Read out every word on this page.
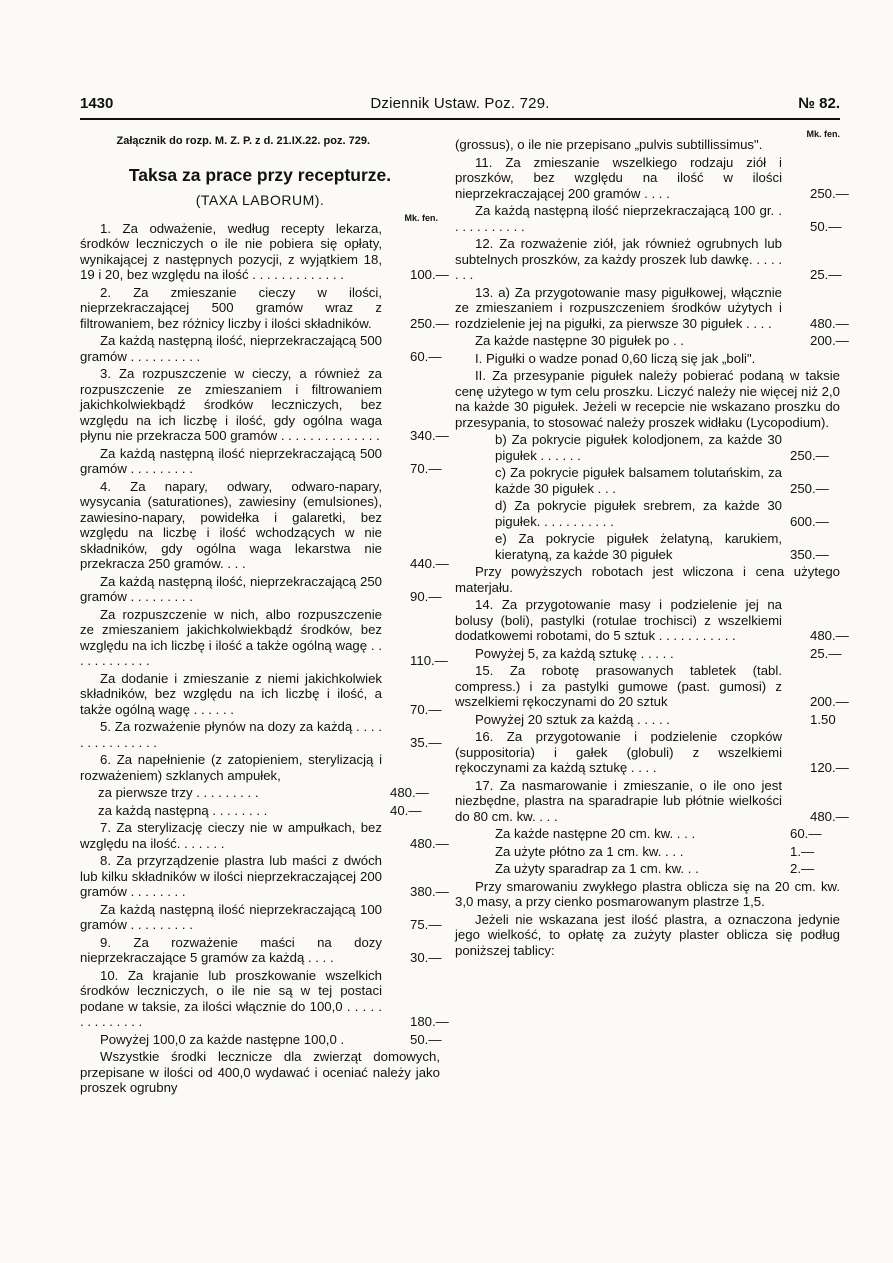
1430	Dziennik Ustaw. Poz. 729.	№ 82.
Załącznik do rozp. M. Z. P. z d. 21.IX.22. poz. 729.
Taksa za prace przy recepturze.
(TAXA LABORUM).
Mk. fen.
1. Za odważenie, według recepty lekarza, środków leczniczych o ile nie pobiera się opłaty, wynikającej z następnych pozycji, z wyjątkiem 18, 19 i 20, bez względu na ilość . . . . . . . . . . . . .	100.—
2. Za zmieszanie cieczy w ilości, nieprzekraczającej 500 gramów wraz z filtrowaniem, bez różnicy liczby i ilości składników.	250.—
Za każdą następną ilość, nieprzekraczającą 500 gramów . . . . . . . . . .	60.—
3. Za rozpuszczenie w cieczy, a również za rozpuszczenie ze zmieszaniem i filtrowaniem jakichkolwiekbądź środków leczniczych, bez względu na ich liczbę i ilość, gdy ogólna waga płynu nie przekracza 500 gramów . . . . . . . . . . . . . .	340.—
Za każdą następną ilość nieprzekraczającą 500 gramów . . . . . . . . .	70.—
4. Za napary, odwary, odwaro-napary, wysycania (saturationes), zawiesiny (emulsiones), zawiesino-napary, powidełka i galaretki, bez względu na liczbę i ilość wchodzących w nie składników, gdy ogólna waga lekarstwa nie przekracza 250 gramów. . . .	440.—
Za każdą następną ilość, nieprzekraczającą 250 gramów . . . . . . . . .	90.—
Za rozpuszczenie w nich, albo rozpuszczenie ze zmieszaniem jakichkolwiekbądź środków, bez względu na ich liczbę i ilość a także ogólną wagę . . . . . . . . . . . .	110.—
Za dodanie i zmieszanie z niemi jakichkolwiek składników, bez względu na ich liczbę i ilość, a także ogólną wagę . . . . . .	70.—
5. Za rozważenie płynów na dozy za każdą . . . . . . . . . . . . . . .	35.—
6. Za napełnienie (z zatopieniem, sterylizacją i rozważeniem) szklanych ampułek,
za pierwsze trzy . . . . . . . . .	480.—
za każdą następną . . . . . . . .	40.—
7. Za sterylizację cieczy nie w ampułkach, bez względu na ilość. . . . . . .	480.—
8. Za przyrządzenie plastra lub maści z dwóch lub kilku składników w ilości nieprzekraczającej 200 gramów . . . . . . . .	380.—
Za każdą następną ilość nieprzekraczającą 100 gramów . . . . . . . . .	75.—
9. Za rozważenie maści na dozy nieprzekraczające 5 gramów za każdą . . . .	30.—
10. Za krajanie lub proszkowanie wszelkich środków leczniczych, o ile nie są w tej postaci podane w taksie, za ilości włącznie do 100,0 . . . . . . . . . . . . . .	180.—
Powyżej 100,0 za każde następne 100,0 .	50.—
Wszystkie środki lecznicze dla zwierząt domowych, przepisane w ilości od 400,0 wydawać i oceniać należy jako proszek ogrubny
Mk. fen.
(grossus), o ile nie przepisano „pulvis subtillissimus".
11. Za zmieszanie wszelkiego rodzaju ziół i proszków, bez względu na ilość w ilości nieprzekraczającej 200 gramów . . . .	250.—
Za każdą następną ilość nieprzekraczającą 100 gr. . . . . . . . . . . .	50.—
12. Za rozważenie ziół, jak również ogrubnych lub subtelnych proszków, za każdy proszek lub dawkę. . . . . . . .	25.—
13. a) Za przygotowanie masy pigułkowej, włącznie ze zmieszaniem i rozpuszczeniem środków użytych i rozdzielenie jej na pigułki, za pierwsze 30 pigułek . . . .	480.—
Za każde następne 30 pigułek po . .	200.—
I. Pigułki o wadze ponad 0,60 liczą się jak „boli".
II. Za przesypanie pigułek należy pobierać podaną w taksie cenę użytego w tym celu proszku. Liczyć należy nie więcej niż 2,0 na każde 30 pigułek. Jeżeli w recepcie nie wskazano proszku do przesypania, to stosować należy proszek widłaku (Lycopodium).
b) Za pokrycie pigułek kolodjonem, za każde 30 pigułek . . . . . .	250.—
c) Za pokrycie pigułek balsamem tolutańskim, za każde 30 pigułek . . .	250.—
d) Za pokrycie pigułek srebrem, za każde 30 pigułek. . . . . . . . . . .	600.—
e) Za pokrycie pigułek żelatyną, karukiem, kieratyną, za każde 30 pigułek	350.—
Przy powyższych robotach jest wliczona i cena użytego materjału.
14. Za przygotowanie masy i podzielenie jej na bolusy (boli), pastylki (rotulae trochisci) z wszelkiemi dodatkowemi robotami, do 5 sztuk . . . . . . . . . . .	480.—
Powyżej 5, za każdą sztukę . . . . .	25.—
15. Za robotę prasowanych tabletek (tabl. compress.) i za pastylki gumowe (past. gumosi) z wszelkiemi rękoczynami do 20 sztuk	200.—
Powyżej 20 sztuk za każdą . . . . .	1.50
16. Za przygotowanie i podzielenie czopków (suppositoria) i gałek (globuli) z wszelkiemi rękoczynami za każdą sztukę . . . .	120.—
17. Za nasmarowanie i zmieszanie, o ile ono jest niezbędne, plastra na sparadrapie lub płótnie wielkości do 80 cm. kw. . . .	480.—
Za każde następne 20 cm. kw. . . .	60.—
Za użyte płótno za 1 cm. kw. . . .	1.—
Za użyty sparadrap za 1 cm. kw. . .	2.—
Przy smarowaniu zwykłego plastra oblicza się na 20 cm. kw. 3,0 masy, a przy cienko posmarowanym plastrze 1,5.
Jeżeli nie wskazana jest ilość plastra, a oznaczona jedynie jego wielkość, to opłatę za zużyty plaster oblicza się podług poniższej tablicy:
